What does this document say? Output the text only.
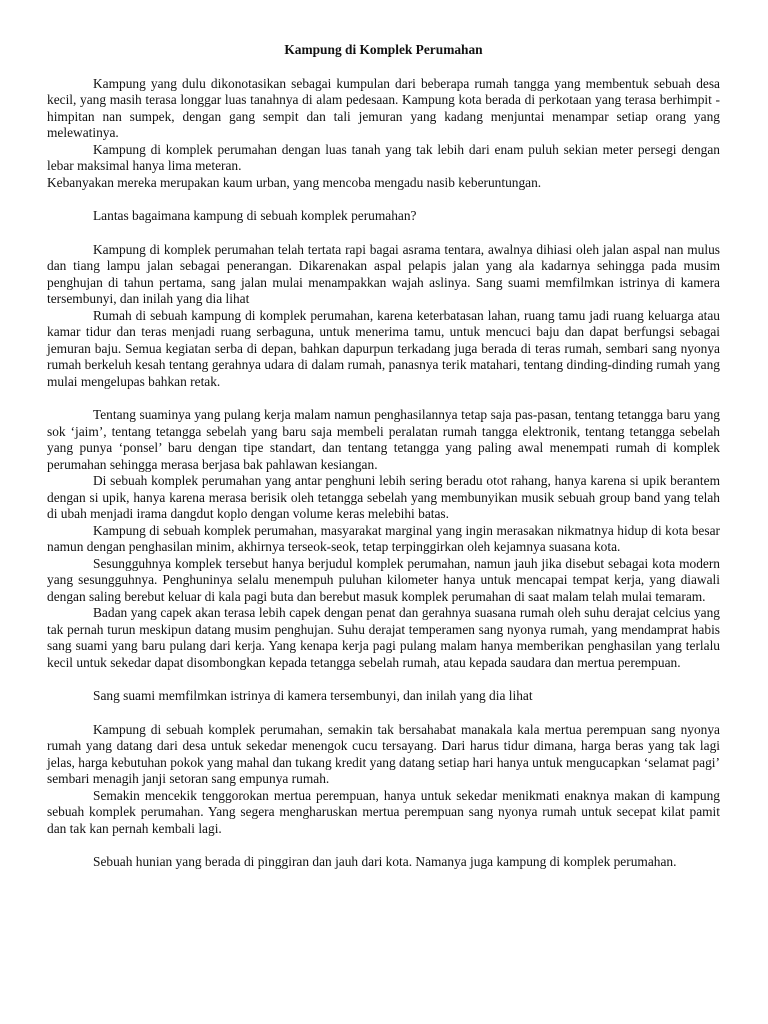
Kampung di Komplek Perumahan

Kampung yang dulu dikonotasikan sebagai kumpulan dari beberapa rumah tangga yang membentuk sebuah desa kecil, yang masih terasa longgar luas tanahnya di alam pedesaan. Kampung kota berada di perkotaan yang terasa berhimpit -himpitan nan sumpek, dengan gang sempit dan tali jemuran yang kadang menjuntai menampar setiap orang yang melewatinya.

Kampung di komplek perumahan dengan luas tanah yang tak lebih dari enam puluh sekian meter persegi dengan lebar maksimal hanya lima meteran.

Kebanyakan mereka merupakan kaum urban, yang mencoba mengadu nasib keberuntungan.

Lantas bagaimana kampung di sebuah komplek perumahan?

Kampung di komplek perumahan telah tertata rapi bagai asrama tentara, awalnya dihiasi oleh jalan aspal nan mulus dan tiang lampu jalan sebagai penerangan. Dikarenakan aspal pelapis jalan yang ala kadarnya sehingga pada musim penghujan di tahun pertama, sang jalan mulai menampakkan wajah aslinya. Sang suami memfilmkan istrinya di kamera tersembunyi, dan inilah yang dia lihat

Rumah di sebuah kampung di komplek perumahan, karena keterbatasan lahan, ruang tamu jadi ruang keluarga atau kamar tidur dan teras menjadi ruang serbaguna, untuk menerima tamu, untuk mencuci baju dan dapat berfungsi sebagai jemuran baju. Semua kegiatan serba di depan, bahkan dapurpun terkadang juga berada di teras rumah, sembari sang nyonya rumah berkeluh kesah tentang gerahnya udara di dalam rumah, panasnya terik matahari, tentang dinding-dinding rumah yang mulai mengelupas bahkan retak.

Tentang suaminya yang pulang kerja malam namun penghasilannya tetap saja pas-pasan, tentang tetangga baru yang sok ‘jaim’, tentang tetangga sebelah yang baru saja membeli peralatan rumah tangga elektronik, tentang tetangga sebelah yang punya ‘ponsel’ baru dengan tipe standart, dan tentang tetangga yang paling awal menempati rumah di komplek perumahan sehingga merasa berjasa bak pahlawan kesiangan.

Di sebuah komplek perumahan yang antar penghuni lebih sering beradu otot rahang, hanya karena si upik berantem dengan si upik, hanya karena merasa berisik oleh tetangga sebelah yang membunyikan musik sebuah group band yang telah di ubah menjadi irama dangdut koplo dengan volume keras melebihi batas.

Kampung di sebuah komplek perumahan, masyarakat marginal yang ingin merasakan nikmatnya hidup di kota besar namun dengan penghasilan minim, akhirnya terseok-seok, tetap terpinggirkan oleh kejamnya suasana kota.

Sesungguhnya komplek tersebut hanya berjudul komplek perumahan, namun jauh jika disebut sebagai kota modern yang sesungguhnya. Penghuninya selalu menempuh puluhan kilometer hanya untuk mencapai tempat kerja, yang diawali dengan saling berebut keluar di kala pagi buta dan berebut masuk komplek perumahan di saat malam telah mulai temaram.

Badan yang capek akan terasa lebih capek dengan penat dan gerahnya suasana rumah oleh suhu derajat celcius yang tak pernah turun meskipun datang musim penghujan. Suhu derajat temperamen sang nyonya rumah, yang mendamprat habis sang suami yang baru pulang dari kerja. Yang kenapa kerja pagi pulang malam hanya memberikan penghasilan yang terlalu kecil untuk sekedar dapat disombongkan kepada tetangga sebelah rumah, atau kepada saudara dan mertua perempuan.

Sang suami memfilmkan istrinya di kamera tersembunyi, dan inilah yang dia lihat

Kampung di sebuah komplek perumahan, semakin tak bersahabat manakala kala mertua perempuan sang nyonya rumah yang datang dari desa untuk sekedar menengok cucu tersayang. Dari harus tidur dimana, harga beras yang tak lagi jelas, harga kebutuhan pokok yang mahal dan tukang kredit yang datang setiap hari hanya untuk mengucapkan ‘selamat pagi’ sembari menagih janji setoran sang empunya rumah.

Semakin mencekik tenggorokan mertua perempuan, hanya untuk sekedar menikmati enaknya makan di kampung sebuah komplek perumahan. Yang segera mengharuskan mertua perempuan sang nyonya rumah untuk secepat kilat pamit dan tak kan pernah kembali lagi.

Sebuah hunian yang berada di pinggiran dan jauh dari kota. Namanya juga kampung di komplek perumahan.
